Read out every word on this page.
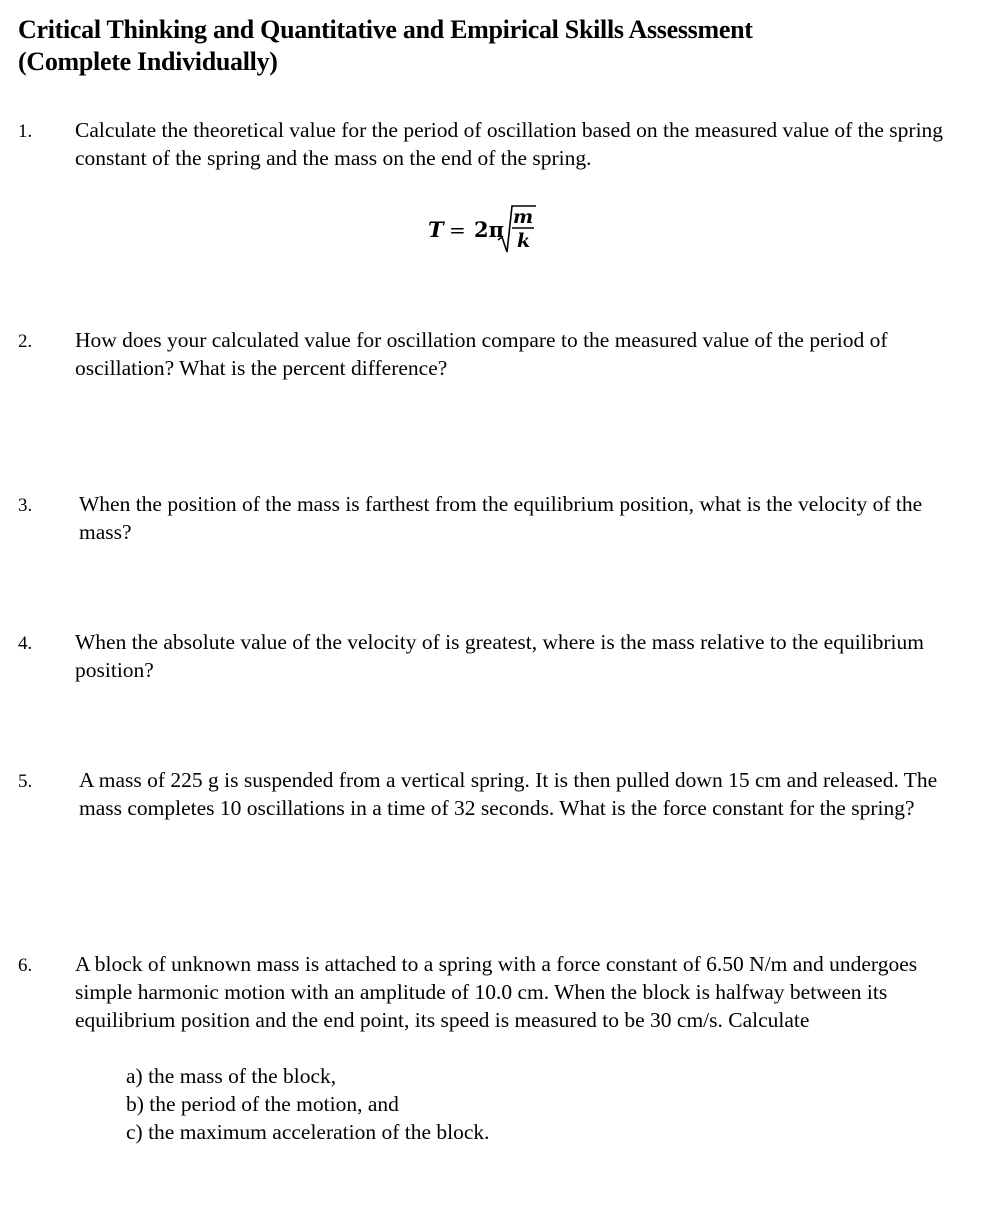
Critical Thinking and Quantitative and Empirical Skills Assessment
(Complete Individually)
1. Calculate the theoretical value for the period of oscillation based on the measured value of the spring constant of the spring and the mass on the end of the spring.
T = 2π m
k
2. How does your calculated value for oscillation compare to the measured value of the period of oscillation? What is the percent difference?
3. When the position of the mass is farthest from the equilibrium position, what is the velocity of the mass?
4. When the absolute value of the velocity of is greatest, where is the mass relative to the equilibrium position?
5. A mass of 225 g is suspended from a vertical spring. It is then pulled down 15 cm and released. The mass completes 10 oscillations in a time of 32 seconds. What is the force constant for the spring?
6. A block of unknown mass is attached to a spring with a force constant of 6.50 N/m and undergoes simple harmonic motion with an amplitude of 10.0 cm. When the block is halfway between its equilibrium position and the end point, its speed is measured to be 30 cm/s. Calculate
a) the mass of the block,
b) the period of the motion, and
c) the maximum acceleration of the block.
